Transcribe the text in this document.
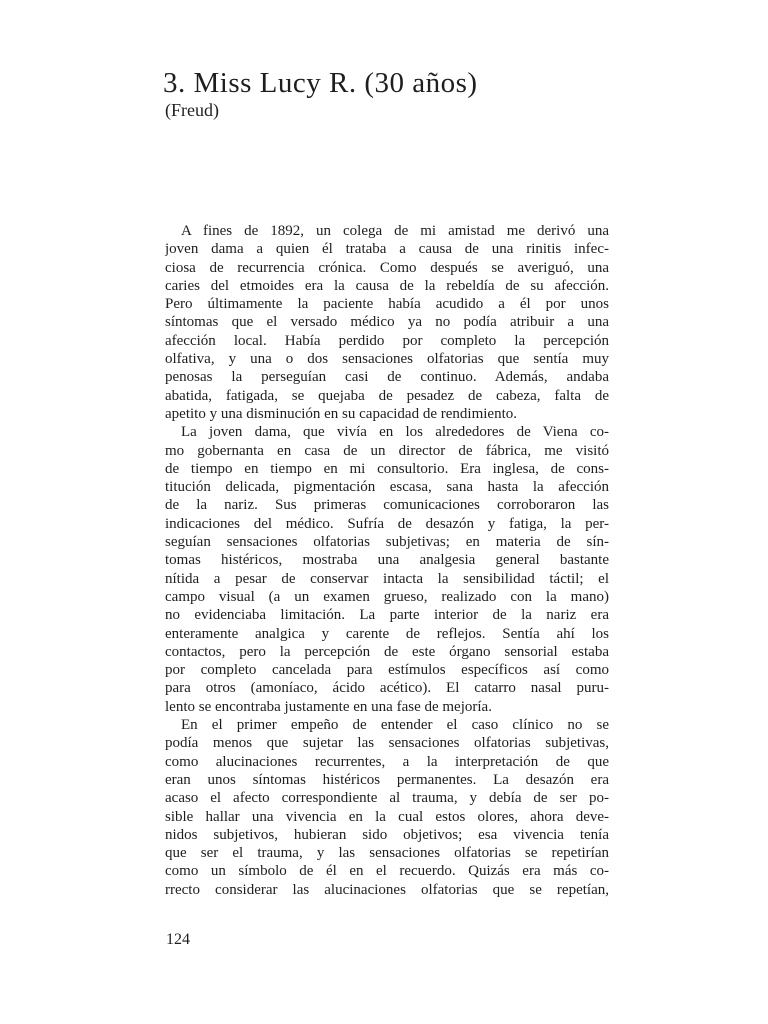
3. Miss Lucy R. (30 años)
(Freud)
A fines de 1892, un colega de mi amistad me derivó una
joven dama a quien él trataba a causa de una rinitis infec-
ciosa de recurrencia crónica. Como después se averiguó, una
caries del etmoides era la causa de la rebeldía de su afección.
Pero últimamente la paciente había acudido a él por unos
síntomas que el versado médico ya no podía atribuir a una
afección local. Había perdido por completo la percepción
olfativa, y una o dos sensaciones olfatorias que sentía muy
penosas la perseguían casi de continuo. Además, andaba
abatida, fatigada, se quejaba de pesadez de cabeza, falta de
apetito y una disminución en su capacidad de rendimiento.
La joven dama, que vivía en los alrededores de Viena co-
mo gobernanta en casa de un director de fábrica, me visitó
de tiempo en tiempo en mi consultorio. Era inglesa, de cons-
titución delicada, pigmentación escasa, sana hasta la afección
de la nariz. Sus primeras comunicaciones corroboraron las
indicaciones del médico. Sufría de desazón y fatiga, la per-
seguían sensaciones olfatorias subjetivas; en materia de sín-
tomas histéricos, mostraba una analgesia general bastante
nítida a pesar de conservar intacta la sensibilidad táctil; el
campo visual (a un examen grueso, realizado con la mano)
no evidenciaba limitación. La parte interior de la nariz era
enteramente analgica y carente de reflejos. Sentía ahí los
contactos, pero la percepción de este órgano sensorial estaba
por completo cancelada para estímulos específicos así como
para otros (amoníaco, ácido acético). El catarro nasal puru-
lento se encontraba justamente en una fase de mejoría.
En el primer empeño de entender el caso clínico no se
podía menos que sujetar las sensaciones olfatorias subjetivas,
como alucinaciones recurrentes, a la interpretación de que
eran unos síntomas histéricos permanentes. La desazón era
acaso el afecto correspondiente al trauma, y debía de ser po-
sible hallar una vivencia en la cual estos olores, ahora deve-
nidos subjetivos, hubieran sido objetivos; esa vivencia tenía
que ser el trauma, y las sensaciones olfatorias se repetirían
como un símbolo de él en el recuerdo. Quizás era más co-
rrecto considerar las alucinaciones olfatorias que se repetían,
124
